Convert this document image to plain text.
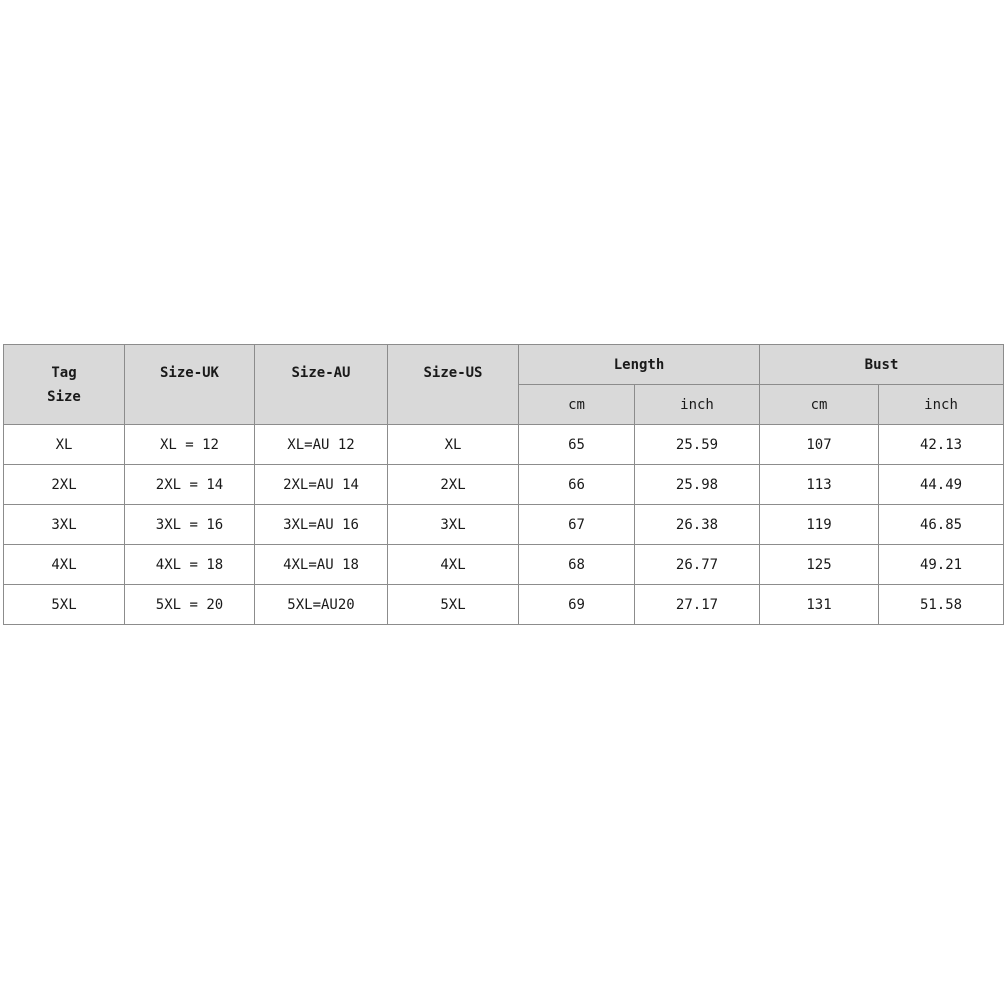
Tag
Size	Size-UK	Size-AU	Size-US	Length		Bust	
				cm	inch	cm	inch
XL	XL = 12	XL=AU 12	XL	65	25.59	107	42.13
2XL	2XL = 14	2XL=AU 14	2XL	66	25.98	113	44.49
3XL	3XL = 16	3XL=AU 16	3XL	67	26.38	119	46.85
4XL	4XL = 18	4XL=AU 18	4XL	68	26.77	125	49.21
5XL	5XL = 20	5XL=AU20	5XL	69	27.17	131	51.58
